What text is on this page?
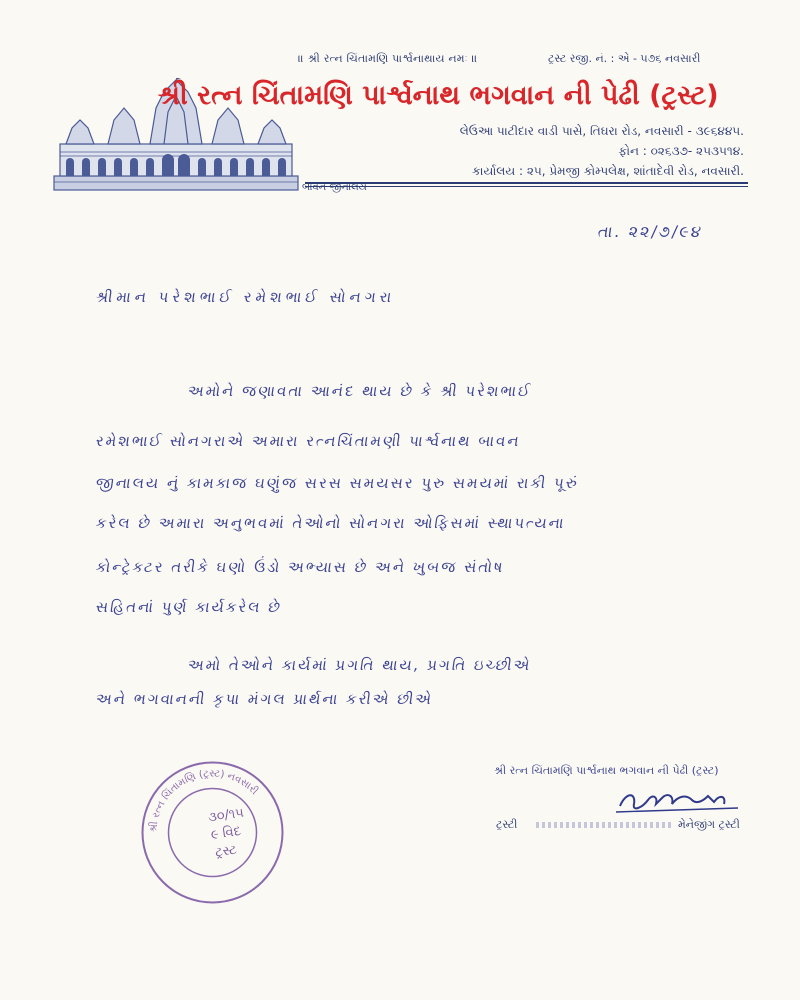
॥ શ્રી રત્ન ચિંતામણિ પાર્શ્વનાથાય નમઃ ॥	ટ્રસ્ટ રજી. નં. : એ - ૫૭૬ નવસારી
શ્રી રત્ન ચિંતામણિ પાર્શ્વનાથ ભગવાન ની પેઢી (ટ્રસ્ટ)
લેઉઆ પાટીદાર વાડી પાસે, તિઘરા રોડ, નવસારી - ૩૯૬૪૪૫.
ફોન : ૦૨૬૩૭- ૨૫૩૫૧૪.
કાર્યાલય : ૨૫, પ્રેમજી કોમ્પલેક્ષ, શાંતાદેવી રોડ, નવસારી.
બાવન જીનાલય
તા. ૨૨/૭/૯૪
શ્રીમાન પરેશભાઈ રમેશભાઈ સોનગરા
અમોને જણાવતા આનંદ થાય છે કે શ્રી પરેશભાઈ
રમેશભાઈ સોનગરાએ અમારા રત્નચિંતામણી પાર્શ્વનાથ બાવન
જીનાલય નું કામકાજ ઘણુંજ સરસ સમયસર પુરુ સમયમાં રાકી પૂરું
કરેલ છે અમારા અનુભવમાં તેઓનો સોનગરા ઓફિસમાં સ્થાપત્યના
કોન્ટ્રેક્ટર તરીકે ઘણો ઉંડો અભ્યાસ છે અને ખુબજ સંતોષ
સહિતનાં પુર્ણ કાર્યકરેલ છે
અમો તેઓને કાર્યમાં પ્રગતિ થાય, પ્રગતિ ઇચ્છીએ
અને ભગવાનની કૃપા મંગલ પ્રાર્થના કરીએ છીએ
શ્રી રત્ન ચિંતામણિ (ટ્રસ્ટ) નવસારી
૩૦/૧૫
૯ વિદ
ટ્રસ્ટ
શ્રી રત્ન ચિંતામણિ પાર્શ્વનાથ ભગવાન ની પેઢી (ટ્રસ્ટ)
ટ્રસ્ટી	મેનેજીંગ ટ્રસ્ટી
